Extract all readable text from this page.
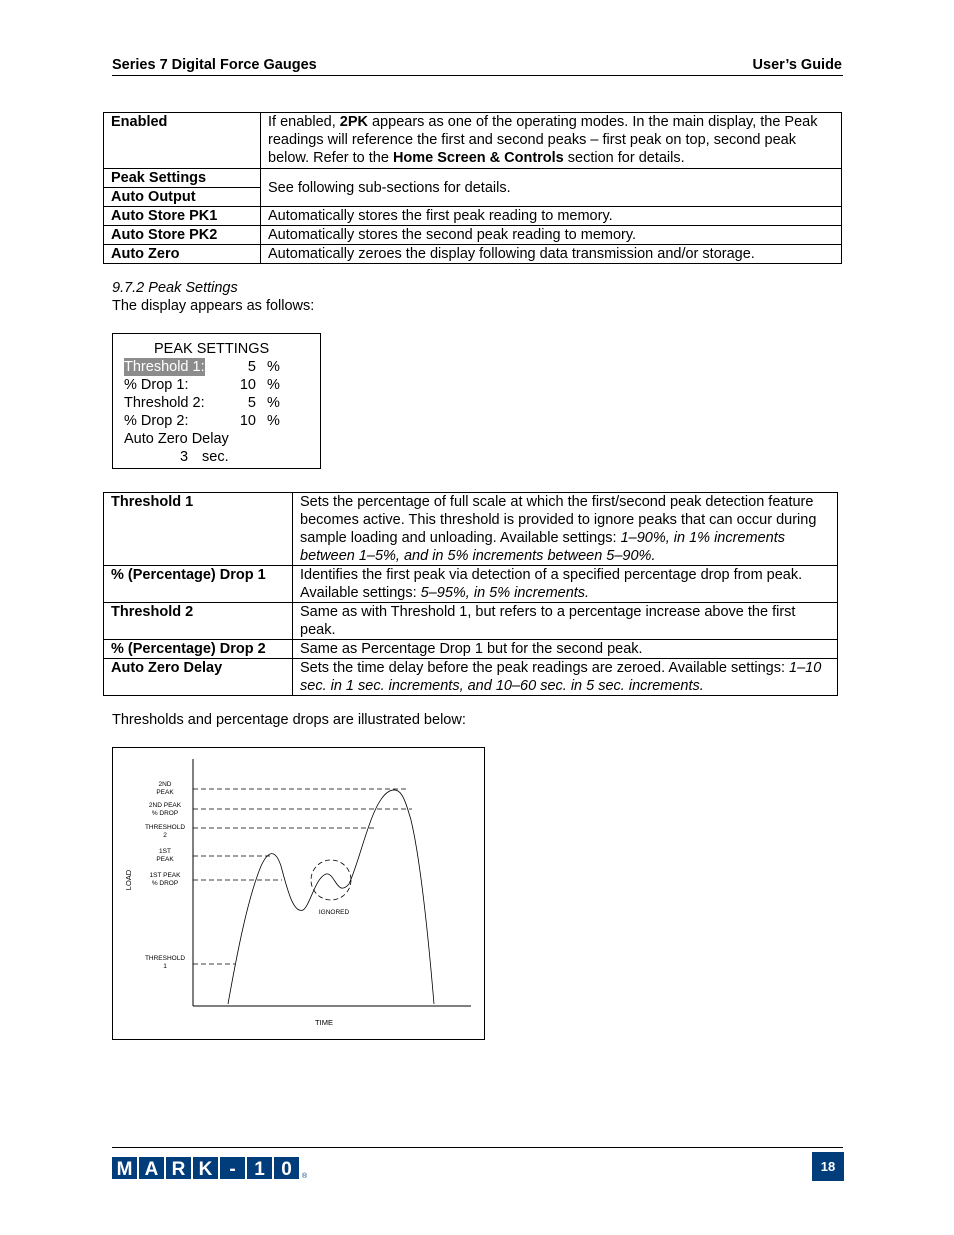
Series 7 Digital Force Gauges	User’s Guide
Enabled	If enabled, 2PK appears as one of the operating modes. In the main display, the Peak readings will reference the first and second peaks – first peak on top, second peak below. Refer to the Home Screen & Controls section for details.
Peak Settings	See following sub-sections for details.
Auto Output	
Auto Store PK1	Automatically stores the first peak reading to memory.
Auto Store PK2	Automatically stores the second peak reading to memory.
Auto Zero	Automatically zeroes the display following data transmission and/or storage.
9.7.2 Peak Settings
The display appears as follows:
PEAK SETTINGS
Threshold 1:	5 %
% Drop 1:	10 %
Threshold 2:	5 %
% Drop 2:	10 %
Auto Zero Delay
3 sec.
Threshold 1	Sets the percentage of full scale at which the first/second peak detection feature becomes active. This threshold is provided to ignore peaks that can occur during sample loading and unloading. Available settings: 1–90%, in 1% increments between 1–5%, and in 5% increments between 5–90%.
% (Percentage) Drop 1	Identifies the first peak via detection of a specified percentage drop from peak. Available settings: 5–95%, in 5% increments.
Threshold 2	Same as with Threshold 1, but refers to a percentage increase above the first peak.
% (Percentage) Drop 2	Same as Percentage Drop 1 but for the second peak.
Auto Zero Delay	Sets the time delay before the peak readings are zeroed. Available settings: 1–10 sec. in 1 sec. increments, and 10–60 sec. in 5 sec. increments.
Thresholds and percentage drops are illustrated below:
2ND
PEAK
2ND PEAK
% DROP
THRESHOLD
2
1ST
PEAK
1ST PEAK
% DROP
THRESHOLD
1
IGNORED
TIME
LOAD
M A R K - 1 0 ®
18
